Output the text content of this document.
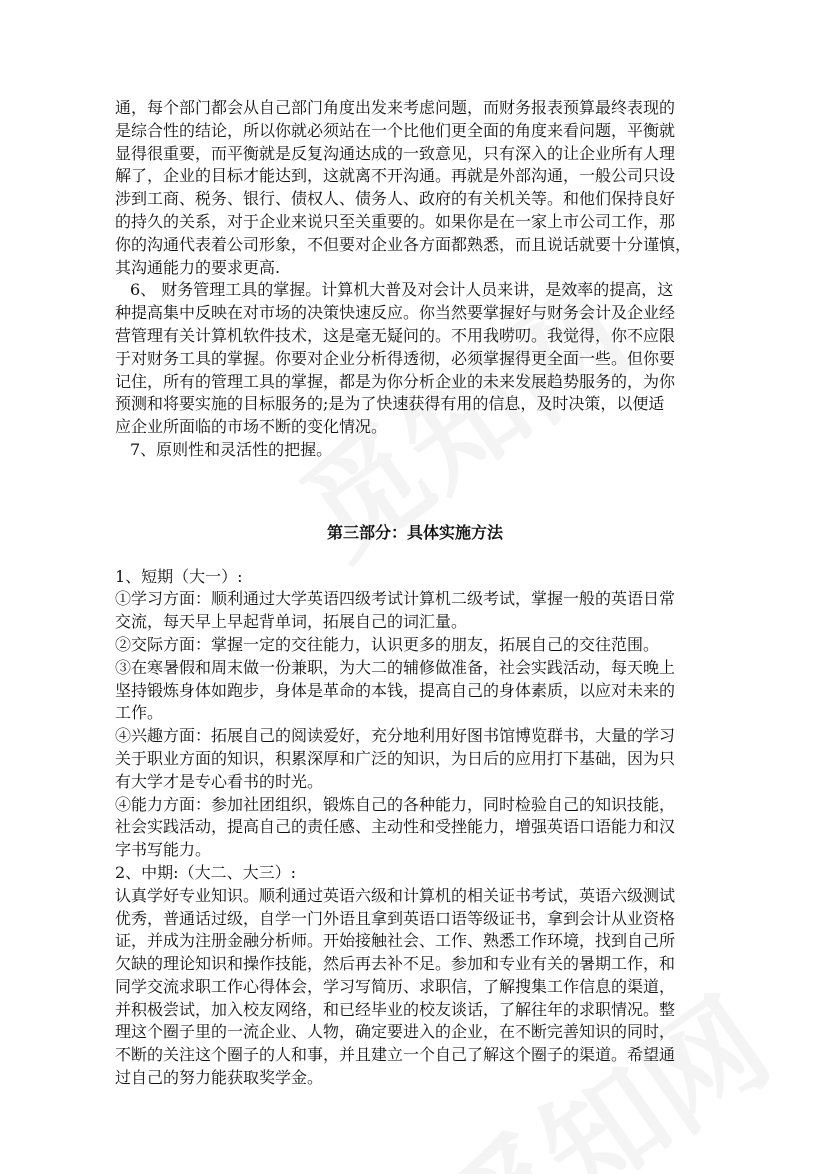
通，每个部门都会从自己部门角度出发来考虑问题，而财务报表预算最终表现的

是综合性的结论，所以你就必须站在一个比他们更全面的角度来看问题，平衡就

显得很重要，而平衡就是反复沟通达成的一致意见，只有深入的让企业所有人理

解了，企业的目标才能达到，这就离不开沟通。再就是外部沟通，一般公司只设

涉到工商、税务、银行、债权人、债务人、政府的有关机关等。和他们保持良好

的持久的关系，对于企业来说只至关重要的。如果你是在一家上市公司工作，那

你的沟通代表着公司形象，不但要对企业各方面都熟悉，而且说话就要十分谨慎，

其沟通能力的要求更高.

6、 财务管理工具的掌握。计算机大普及对会计人员来讲，是效率的提高，这

种提高集中反映在对市场的决策快速反应。你当然要掌握好与财务会计及企业经

营管理有关计算机软件技术，这是毫无疑问的。不用我唠叨。我觉得，你不应限

于对财务工具的掌握。你要对企业分析得透彻，必须掌握得更全面一些。但你要

记住，所有的管理工具的掌握，都是为你分析企业的未来发展趋势服务的，为你

预测和将要实施的目标服务的;是为了快速获得有用的信息，及时决策，以便适

应企业所面临的市场不断的变化情况。

7、原则性和灵活性的把握。

第三部分：具体实施方法

1、短期（大一）:

①学习方面：顺利通过大学英语四级考试计算机二级考试，掌握一般的英语日常

交流，每天早上早起背单词，拓展自己的词汇量。

②交际方面：掌握一定的交往能力，认识更多的朋友，拓展自己的交往范围。

③在寒暑假和周末做一份兼职，为大二的辅修做准备，社会实践活动，每天晚上

坚持锻炼身体如跑步，身体是革命的本钱，提高自己的身体素质，以应对未来的

工作。

④兴趣方面：拓展自己的阅读爱好，充分地利用好图书馆博览群书，大量的学习

关于职业方面的知识，积累深厚和广泛的知识，为日后的应用打下基础，因为只

有大学才是专心看书的时光。

④能力方面：参加社团组织，锻炼自己的各种能力，同时检验自己的知识技能，

社会实践活动，提高自己的责任感、主动性和受挫能力，增强英语口语能力和汉

字书写能力。

2、中期:（大二、大三）:

认真学好专业知识。顺利通过英语六级和计算机的相关证书考试，英语六级测试

优秀，普通话过级，自学一门外语且拿到英语口语等级证书，拿到会计从业资格

证，并成为注册金融分析师。开始接触社会、工作、熟悉工作环境，找到自己所

欠缺的理论知识和操作技能，然后再去补不足。参加和专业有关的暑期工作，和

同学交流求职工作心得体会，学习写简历、求职信，了解搜集工作信息的渠道，

并积极尝试，加入校友网络，和已经毕业的校友谈话，了解往年的求职情况。整

理这个圈子里的一流企业、人物，确定要进入的企业，在不断完善知识的同时，

不断的关注这个圈子的人和事，并且建立一个自己了解这个圈子的渠道。希望通

过自己的努力能获取奖学金。
